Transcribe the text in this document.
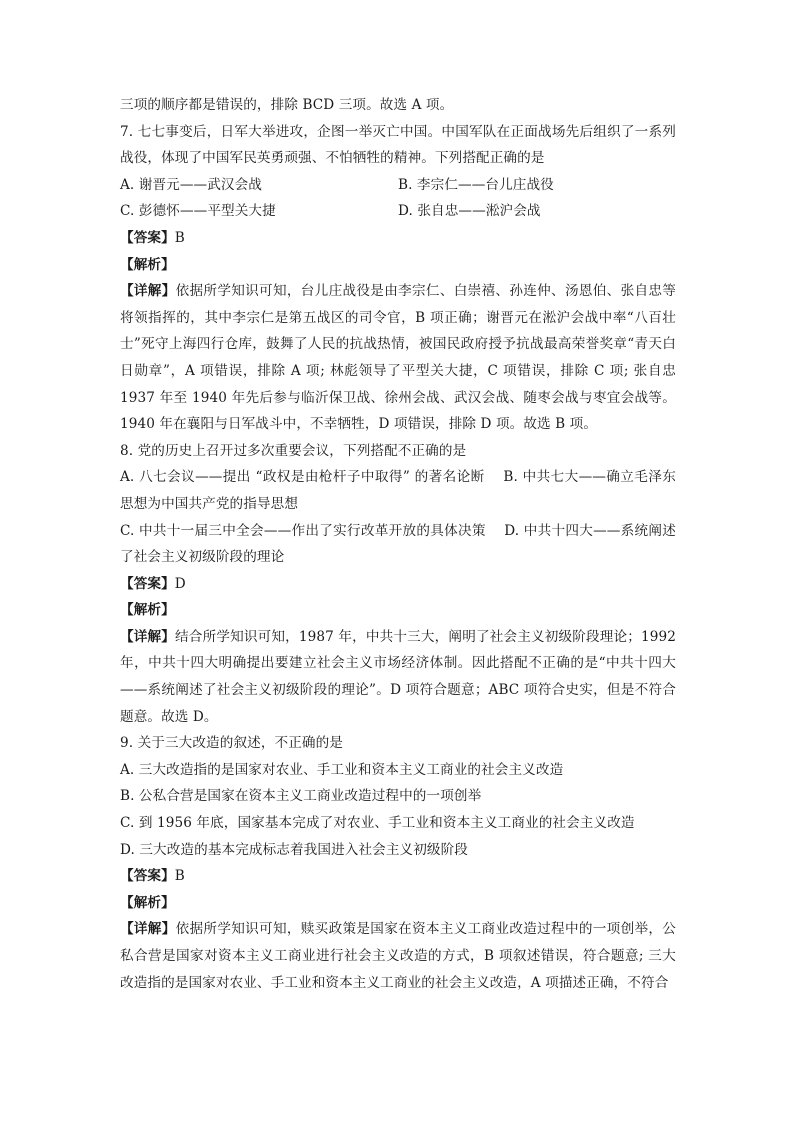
三项的顺序都是错误的，排除 BCD 三项。故选 A 项。
7. 七七事变后，日军大举进攻，企图一举灭亡中国。中国军队在正面战场先后组织了一系列战役，体现了中国军民英勇顽强、不怕牺牲的精神。下列搭配正确的是
A. 谢晋元——武汉会战	B. 李宗仁——台儿庄战役
C. 彭德怀——平型关大捷	D. 张自忠——淞沪会战
【答案】B
【解析】
【详解】依据所学知识可知，台儿庄战役是由李宗仁、白崇禧、孙连仲、汤恩伯、张自忠等将领指挥的，其中李宗仁是第五战区的司令官，B 项正确；谢晋元在淞沪会战中率“八百壮士”死守上海四行仓库，鼓舞了人民的抗战热情，被国民政府授予抗战最高荣誉奖章“青天白日勋章”，A 项错误，排除 A 项; 林彪领导了平型关大捷，C 项错误，排除 C 项; 张自忠 1937 年至 1940 年先后参与临沂保卫战、徐州会战、武汉会战、随枣会战与枣宜会战等。1940 年在襄阳与日军战斗中，不幸牺牲，D 项错误，排除 D 项。故选 B 项。
8. 党的历史上召开过多次重要会议，下列搭配不正确的是
A. 八七会议——提出 “政权是由枪杆子中取得” 的著名论断　 B. 中共七大——确立毛泽东思想为中国共产党的指导思想
C. 中共十一届三中全会——作出了实行改革开放的具体决策　 D. 中共十四大——系统阐述了社会主义初级阶段的理论
【答案】D
【解析】
【详解】结合所学知识可知，1987 年，中共十三大，阐明了社会主义初级阶段理论；1992 年，中共十四大明确提出要建立社会主义市场经济体制。因此搭配不正确的是“中共十四大——系统阐述了社会主义初级阶段的理论”。D 项符合题意；ABC 项符合史实，但是不符合题意。故选 D。
9. 关于三大改造的叙述，不正确的是
A. 三大改造指的是国家对农业、手工业和资本主义工商业的社会主义改造
B. 公私合营是国家在资本主义工商业改造过程中的一项创举
C. 到 1956 年底，国家基本完成了对农业、手工业和资本主义工商业的社会主义改造
D. 三大改造的基本完成标志着我国进入社会主义初级阶段
【答案】B
【解析】
【详解】依据所学知识可知，赎买政策是国家在资本主义工商业改造过程中的一项创举，公私合营是国家对资本主义工商业进行社会主义改造的方式，B 项叙述错误，符合题意; 三大改造指的是国家对农业、手工业和资本主义工商业的社会主义改造，A 项描述正确，不符合
